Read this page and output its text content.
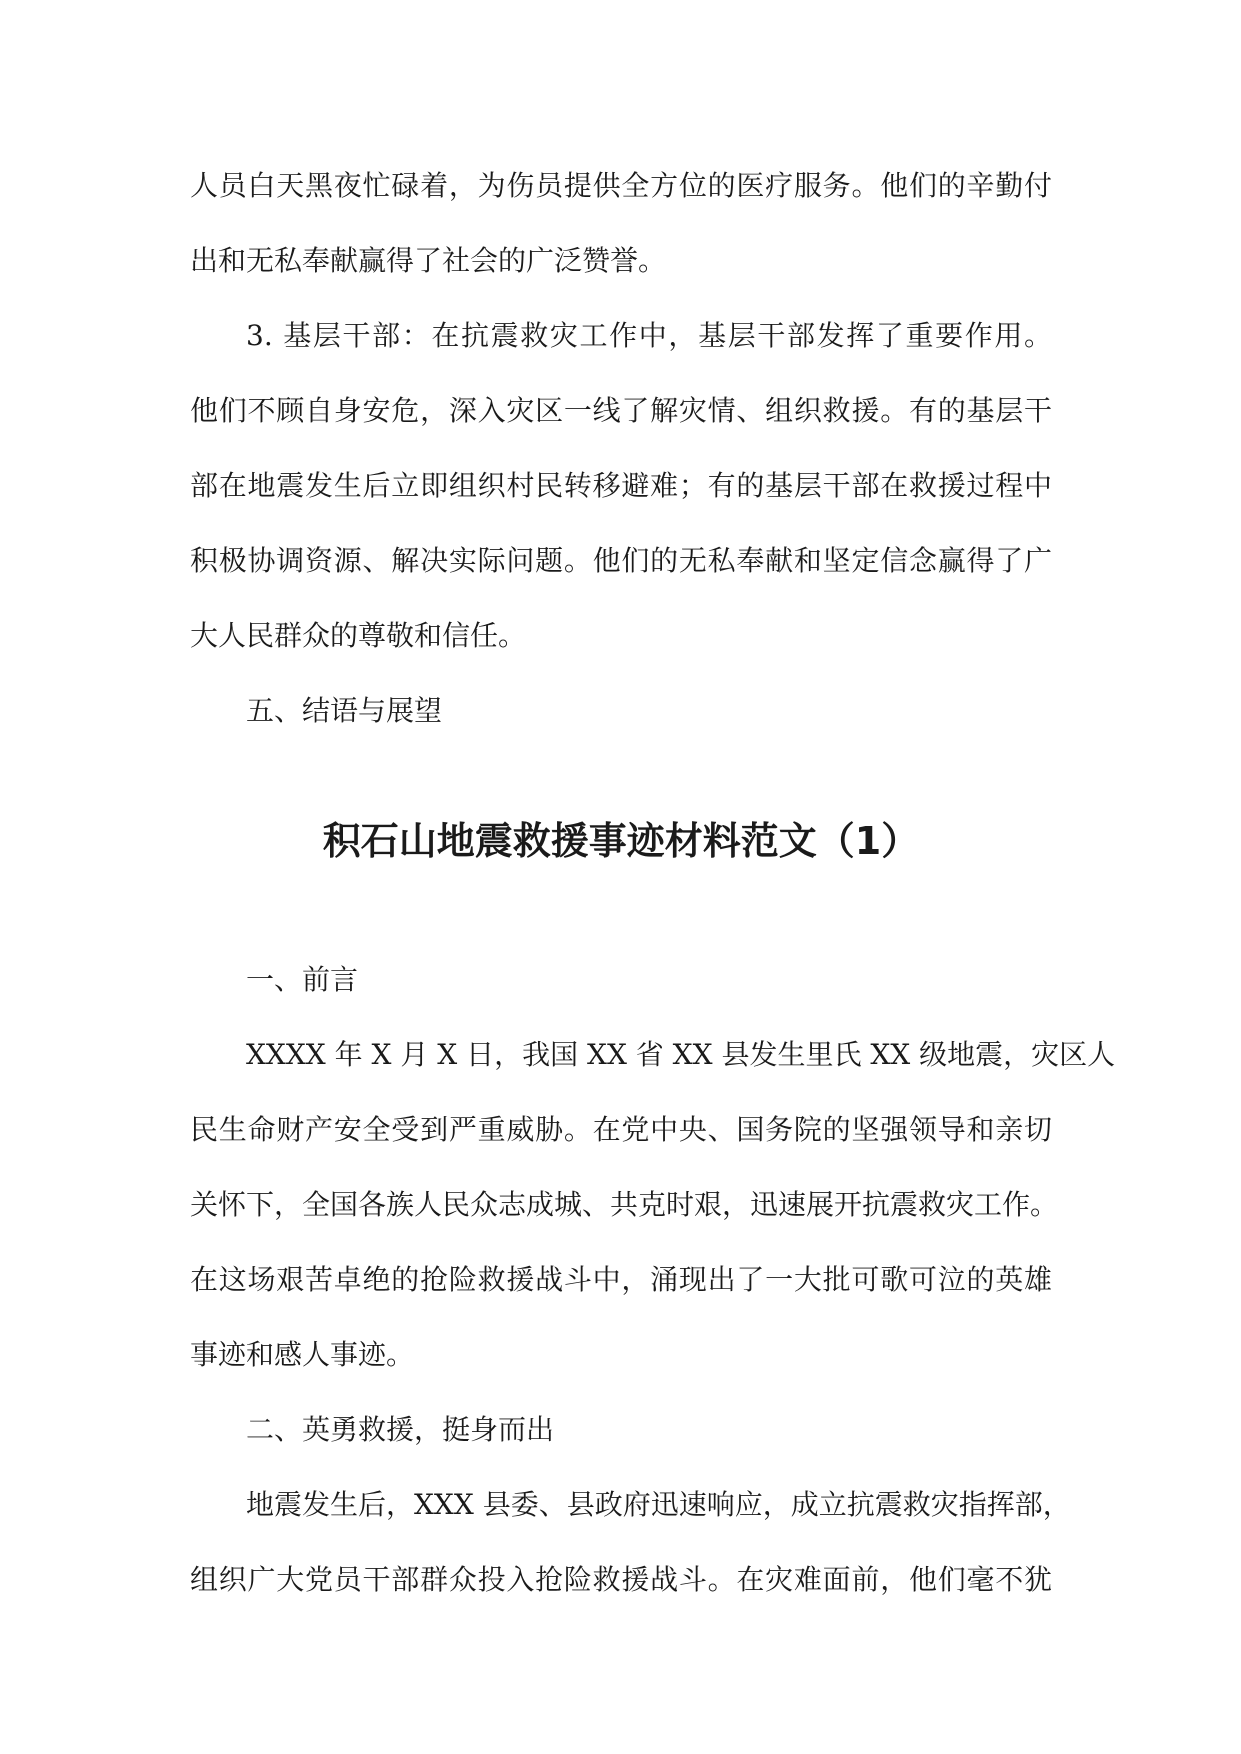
人员白天黑夜忙碌着，为伤员提供全方位的医疗服务。他们的辛勤付
出和无私奉献赢得了社会的广泛赞誉。
3. 基层干部：在抗震救灾工作中，基层干部发挥了重要作用。
他们不顾自身安危，深入灾区一线了解灾情、组织救援。有的基层干
部在地震发生后立即组织村民转移避难；有的基层干部在救援过程中
积极协调资源、解决实际问题。他们的无私奉献和坚定信念赢得了广
大人民群众的尊敬和信任。
五、结语与展望
积石山地震救援事迹材料范文（1）
一、前言
XXXX 年 X 月 X 日，我国 XX 省 XX 县发生里氏 XX 级地震，灾区人
民生命财产安全受到严重威胁。在党中央、国务院的坚强领导和亲切
关怀下，全国各族人民众志成城、共克时艰，迅速展开抗震救灾工作。
在这场艰苦卓绝的抢险救援战斗中，涌现出了一大批可歌可泣的英雄
事迹和感人事迹。
二、英勇救援，挺身而出
地震发生后，XXX 县委、县政府迅速响应，成立抗震救灾指挥部，
组织广大党员干部群众投入抢险救援战斗。在灾难面前，他们毫不犹
